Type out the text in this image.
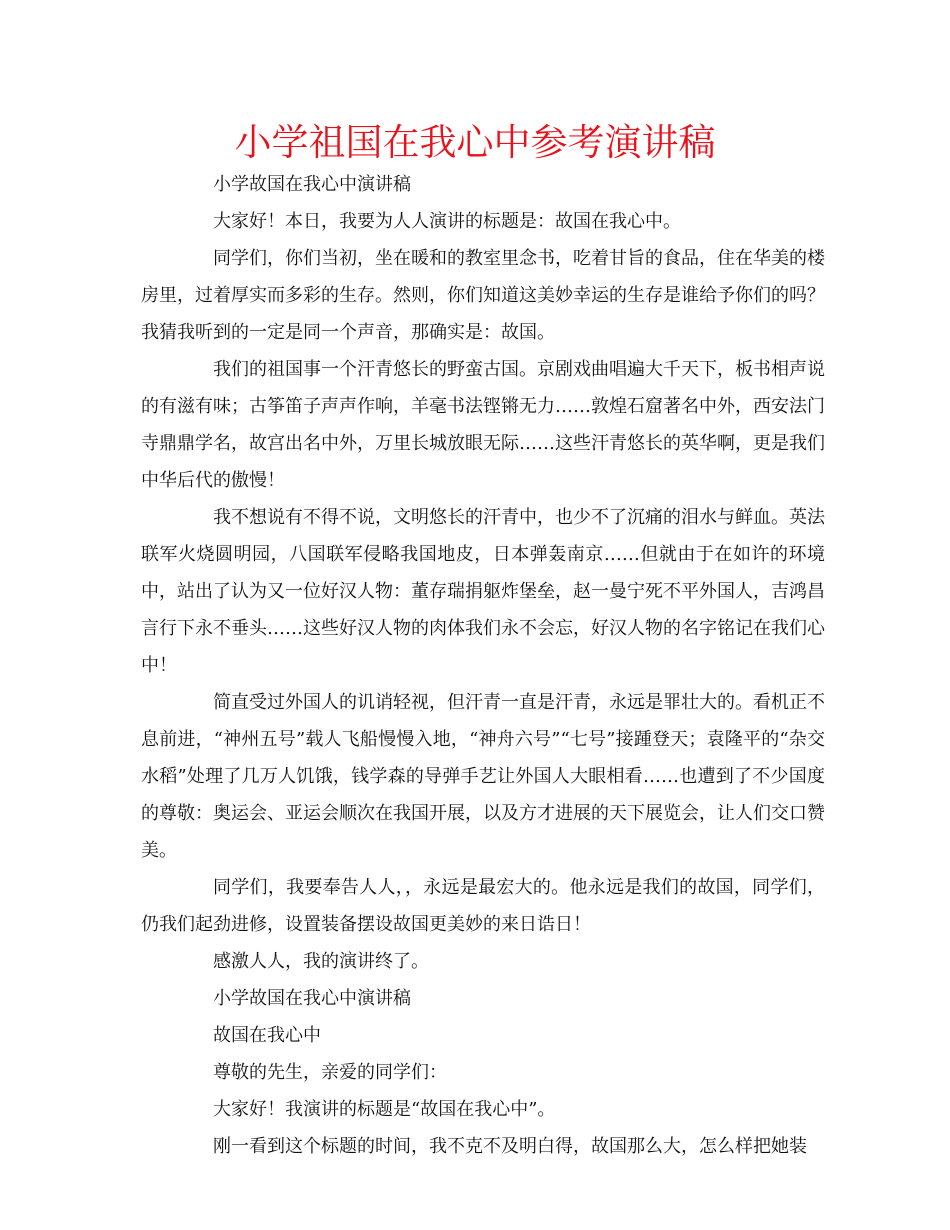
小学祖国在我心中参考演讲稿

小学故国在我心中演讲稿

大家好！本日，我要为人人演讲的标题是：故国在我心中。

同学们，你们当初，坐在暖和的教室里念书，吃着甘旨的食品，住在华美的楼房里，过着厚实而多彩的生存。然则，你们知道这美妙幸运的生存是谁给予你们的吗？我猜我听到的一定是同一个声音，那确实是：故国。

我们的祖国事一个汗青悠长的野蛮古国。京剧戏曲唱遍大千天下，板书相声说的有滋有味；古筝笛子声声作响，羊毫书法铿锵无力……敦煌石窟著名中外，西安法门寺鼎鼎学名，故宫出名中外，万里长城放眼无际……这些汗青悠长的英华啊，更是我们中华后代的傲慢！

我不想说有不得不说，文明悠长的汗青中，也少不了沉痛的泪水与鲜血。英法联军火烧圆明园，八国联军侵略我国地皮，日本弹轰南京……但就由于在如许的环境中，站出了认为又一位好汉人物：董存瑞捐躯炸堡垒，赵一曼宁死不平外国人，吉鸿昌言行下永不垂头……这些好汉人物的肉体我们永不会忘，好汉人物的名字铭记在我们心中！

简直受过外国人的讥诮轻视，但汗青一直是汗青，永远是罪壮大的。看机正不息前进，“神州五号”载人飞船慢慢入地，“神舟六号”“七号”接踵登天；袁隆平的“杂交水稻”处理了几万人饥饿，钱学森的导弹手艺让外国人大眼相看……也遭到了不少国度的尊敬：奥运会、亚运会顺次在我国开展，以及方才进展的天下展览会，让人们交口赞美。

同学们，我要奉告人人，，永远是最宏大的。他永远是我们的故国，同学们，仍我们起劲进修，设置装备摆设故国更美妙的来日诰日！

感激人人，我的演讲终了。

小学故国在我心中演讲稿

故国在我心中

尊敬的先生，亲爱的同学们：

大家好！我演讲的标题是“故国在我心中”。

刚一看到这个标题的时间，我不克不及明白得，故国那么大，怎么样把她装
